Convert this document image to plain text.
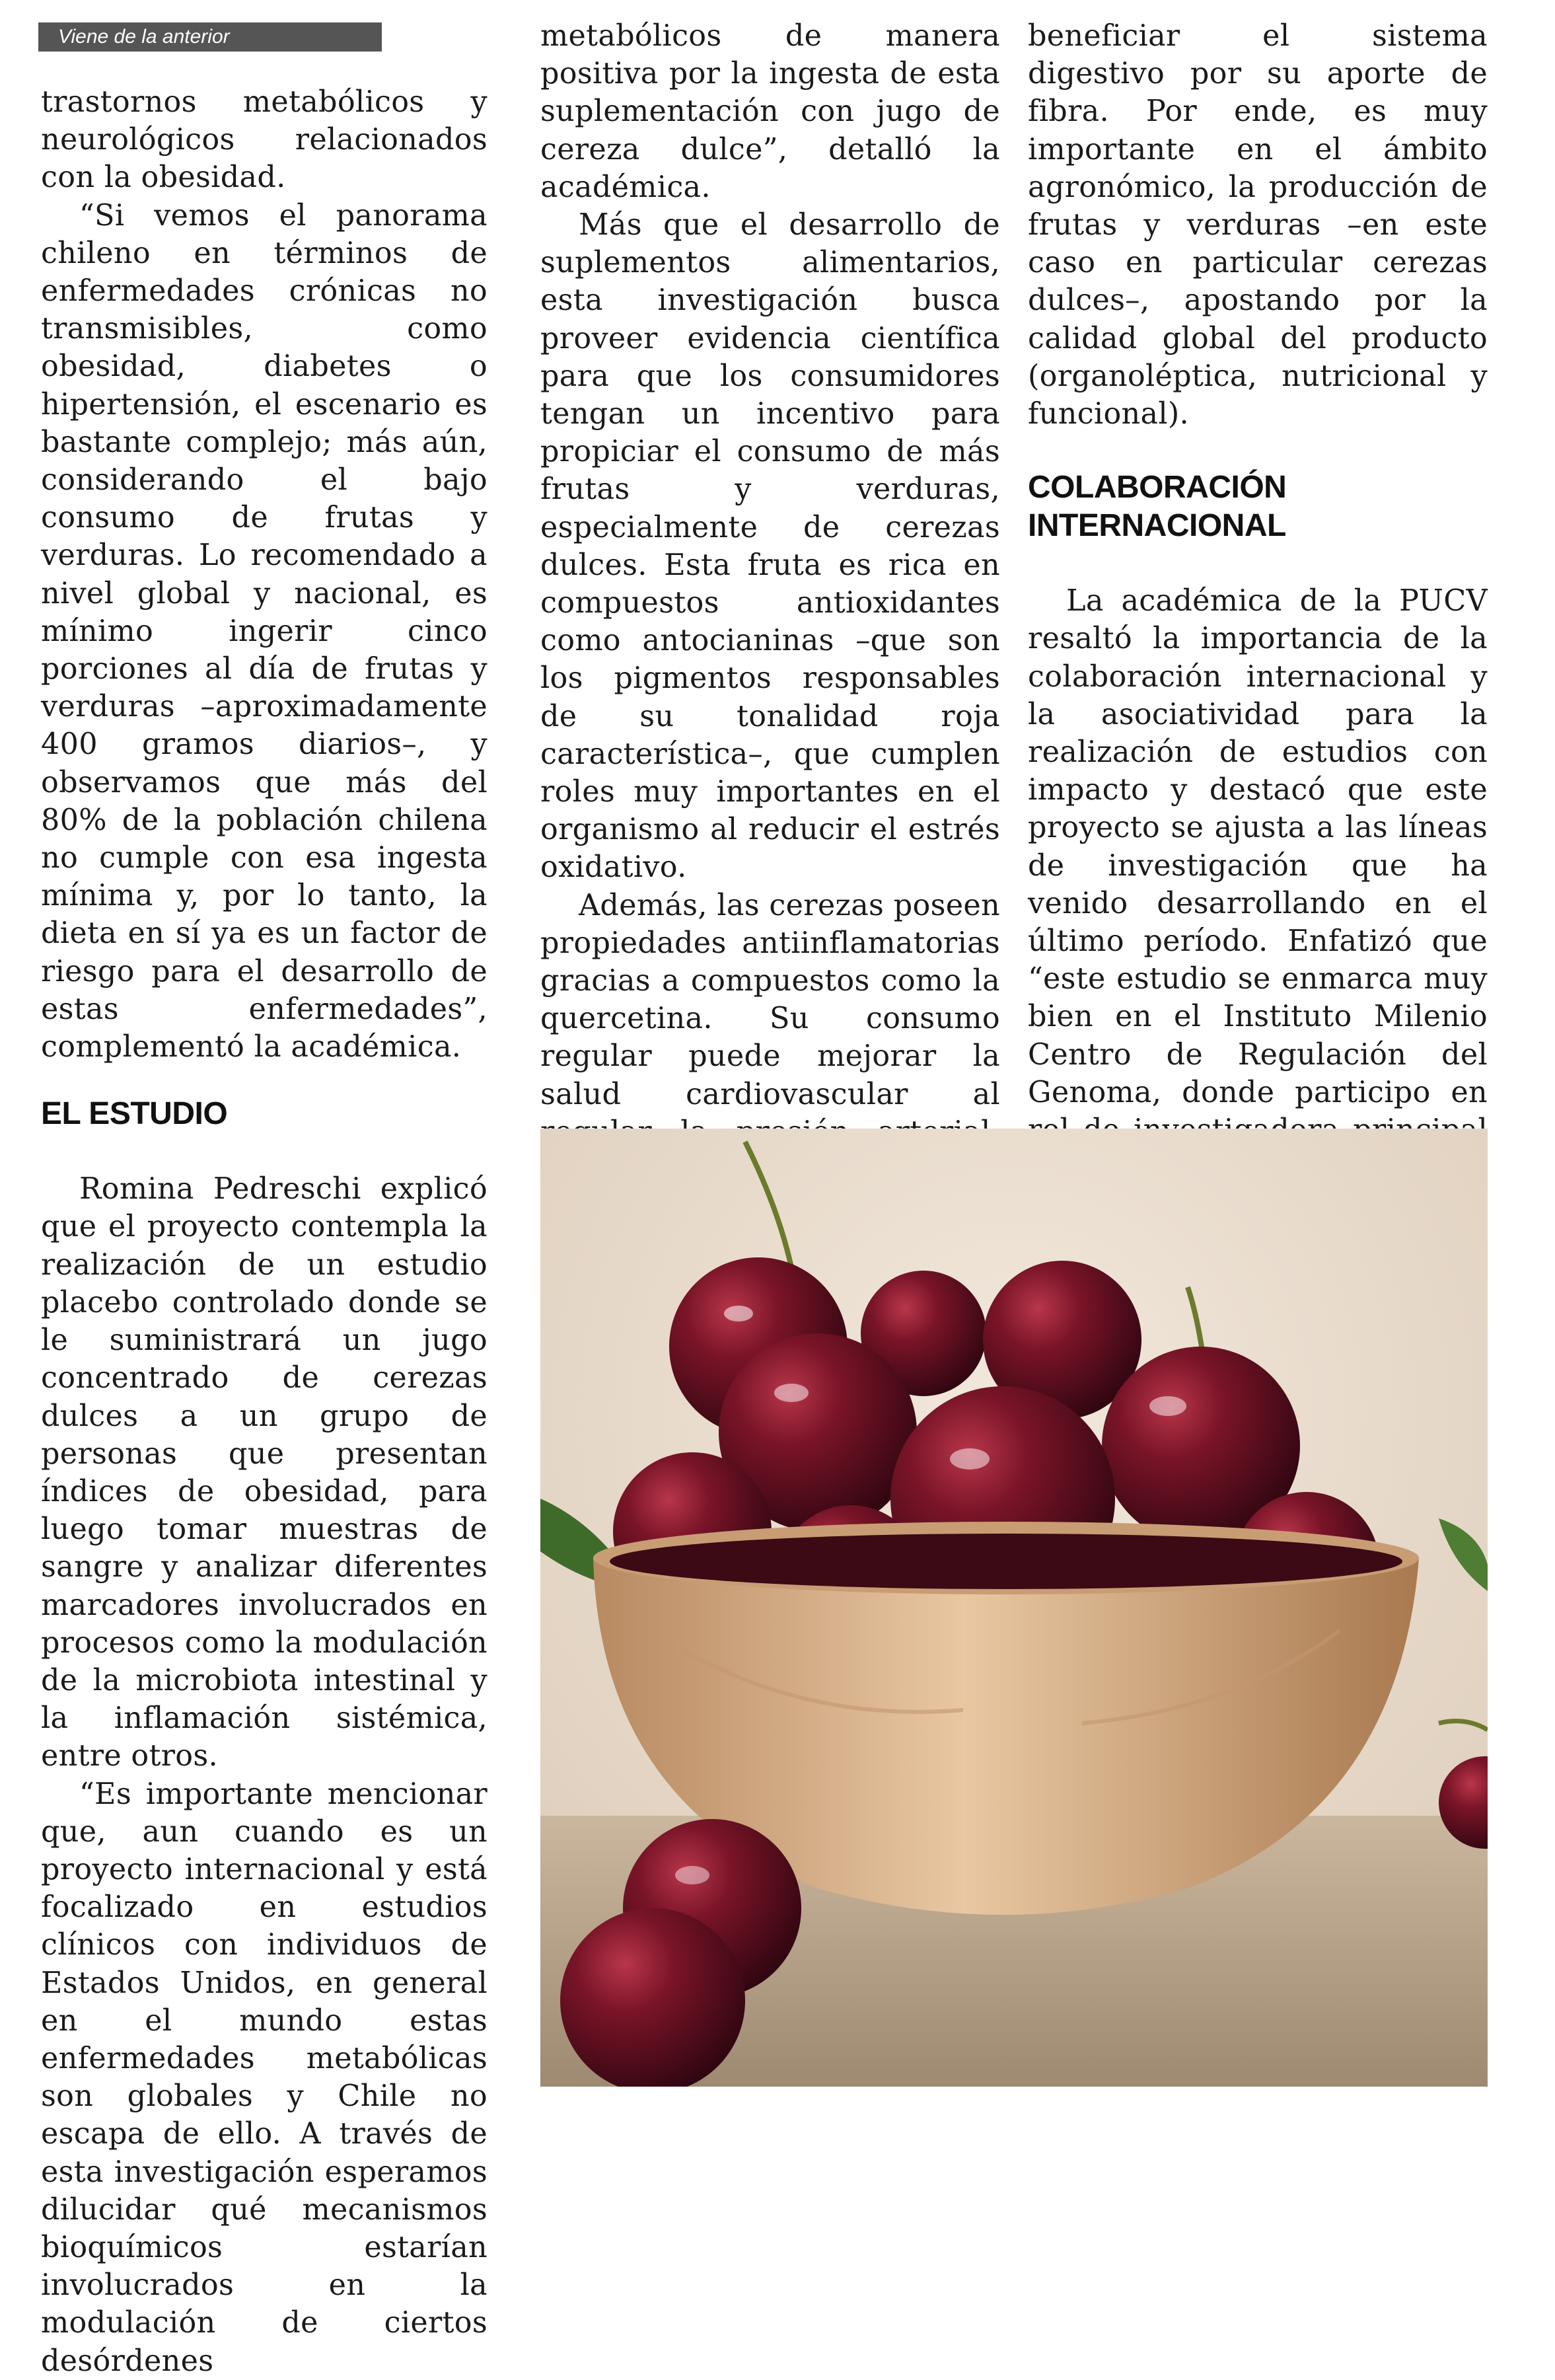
Viene de la anterior

trastornos metabólicos y neurológicos relacionados con la obesidad.

“Si vemos el panorama chileno en términos de enfermedades crónicas no transmisibles, como obesidad, diabetes o hipertensión, el escenario es bastante complejo; más aún, considerando el bajo consumo de frutas y verduras. Lo recomendado a nivel global y nacional, es mínimo ingerir cinco porciones al día de frutas y verduras –aproximadamente 400 gramos diarios–, y observamos que más del 80% de la población chilena no cumple con esa ingesta mínima y, por lo tanto, la dieta en sí ya es un factor de riesgo para el desarrollo de estas enfermedades”, complementó la académica.

EL ESTUDIO

Romina Pedreschi explicó que el proyecto contempla la realización de un estudio placebo controlado donde se le suministrará un jugo concentrado de cerezas dulces a un grupo de personas que presentan índices de obesidad, para luego tomar muestras de sangre y analizar diferentes marcadores involucrados en procesos como la modulación de la microbiota intestinal y la inflamación sistémica, entre otros.

“Es importante mencionar que, aun cuando es un proyecto internacional y está focalizado en estudios clínicos con individuos de Estados Unidos, en general en el mundo estas enfermedades metabólicas son globales y Chile no escapa de ello. A través de esta investigación esperamos dilucidar qué mecanismos bioquímicos estarían involucrados en la modulación de ciertos desórdenes

metabólicos de manera positiva por la ingesta de esta suplementación con jugo de cereza dulce”, detalló la académica.

Más que el desarrollo de suplementos alimentarios, esta investigación busca proveer evidencia científica para que los consumidores tengan un incentivo para propiciar el consumo de más frutas y verduras, especialmente de cerezas dulces. Esta fruta es rica en compuestos antioxidantes como antocianinas –que son los pigmentos responsables de su tonalidad roja característica–, que cumplen roles muy importantes en el organismo al reducir el estrés oxidativo.

Además, las cerezas poseen propiedades antiinflamatorias gracias a compuestos como la quercetina. Su consumo regular puede mejorar la salud cardiovascular al

beneficiar el sistema digestivo por su aporte de fibra. Por ende, es muy importante en el ámbito agronómico, la producción de frutas y verduras –en este caso en particular cerezas dulces–, apostando por la calidad global del producto (organoléptica, nutricional y funcional).

COLABORACIÓN
INTERNACIONAL

La académica de la PUCV resaltó la importancia de la colaboración internacional y la asociatividad para la realización de estudios con impacto y destacó que este proyecto se ajusta a las líneas de investigación que ha venido desarrollando en el último período. Enfatizó que “este estudio se enmarca muy bien en el Instituto Milenio Centro de Regulación del Genoma, donde participo en
